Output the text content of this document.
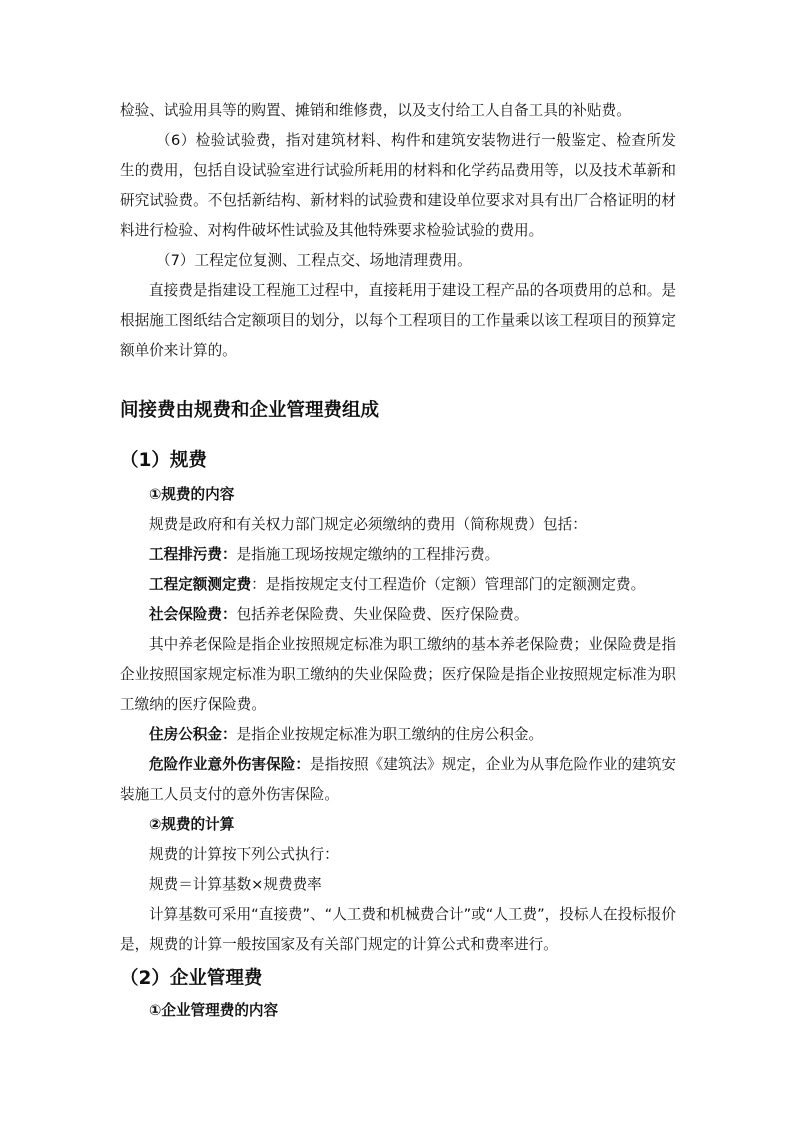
检验、试验用具等的购置、摊销和维修费，以及支付给工人自备工具的补贴费。

（6）检验试验费，指对建筑材料、构件和建筑安装物进行一般鉴定、检查所发生的费用，包括自设试验室进行试验所耗用的材料和化学药品费用等，以及技术革新和研究试验费。不包括新结构、新材料的试验费和建设单位要求对具有出厂合格证明的材料进行检验、对构件破坏性试验及其他特殊要求检验试验的费用。

（7）工程定位复测、工程点交、场地清理费用。

直接费是指建设工程施工过程中，直接耗用于建设工程产品的各项费用的总和。是根据施工图纸结合定额项目的划分，以每个工程项目的工作量乘以该工程项目的预算定额单价来计算的。

间接费由规费和企业管理费组成
（1）规费
①规费的内容

规费是政府和有关权力部门规定必须缴纳的费用（简称规费）包括：

工程排污费：是指施工现场按规定缴纳的工程排污费。

工程定额测定费：是指按规定支付工程造价（定额）管理部门的定额测定费。

社会保险费：包括养老保险费、失业保险费、医疗保险费。

其中养老保险是指企业按照规定标准为职工缴纳的基本养老保险费；业保险费是指企业按照国家规定标准为职工缴纳的失业保险费；医疗保险是指企业按照规定标准为职工缴纳的医疗保险费。

住房公积金：是指企业按规定标准为职工缴纳的住房公积金。

危险作业意外伤害保险：是指按照《建筑法》规定，企业为从事危险作业的建筑安装施工人员支付的意外伤害保险。

②规费的计算

规费的计算按下列公式执行：

规费＝计算基数×规费费率

计算基数可采用“直接费”、“人工费和机械费合计”或“人工费”，投标人在投标报价是，规费的计算一般按国家及有关部门规定的计算公式和费率进行。

（2）企业管理费
①企业管理费的内容
